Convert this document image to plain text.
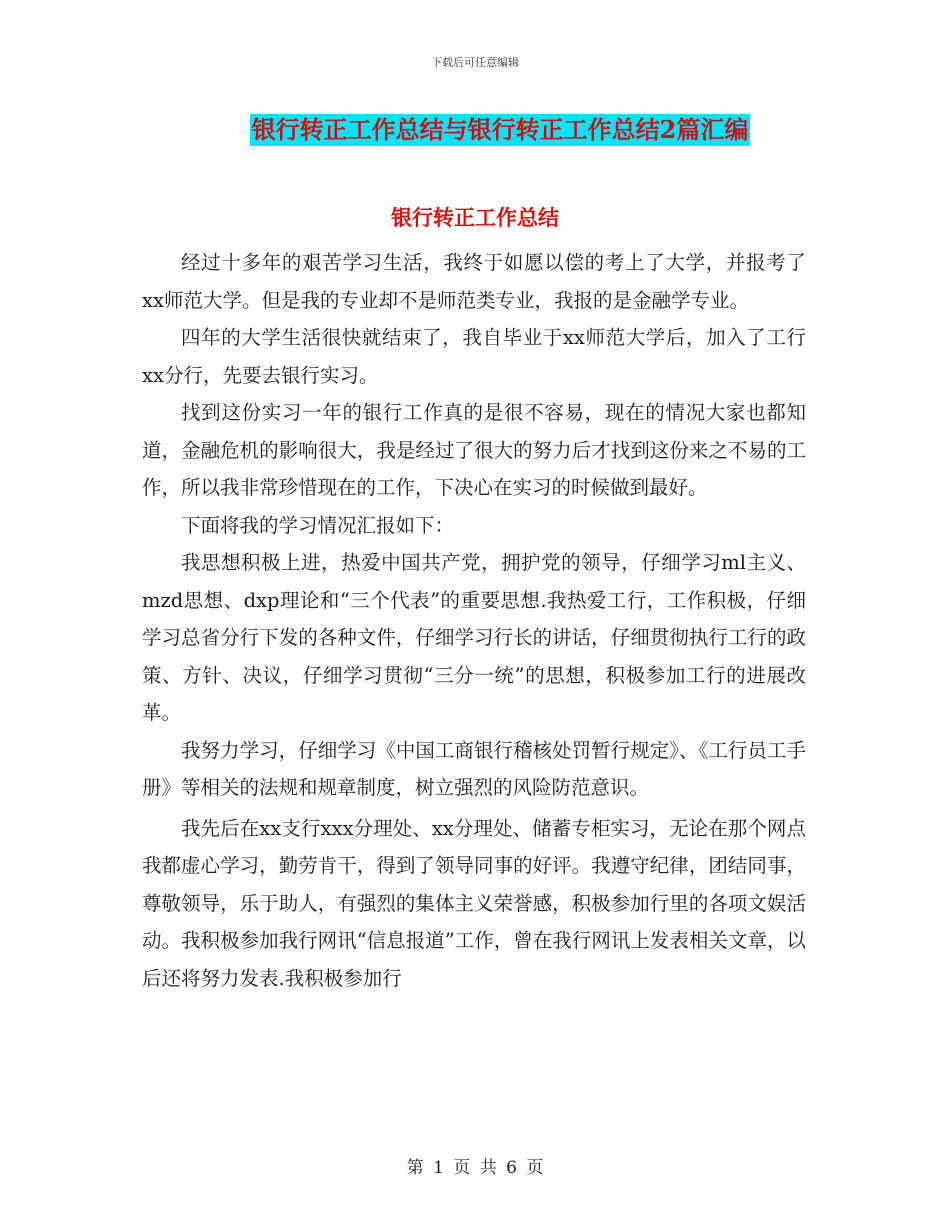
下载后可任意编辑
银行转正工作总结与银行转正工作总结2篇汇编
银行转正工作总结

经过十多年的艰苦学习生活，我终于如愿以偿的考上了大学，并报考了xx师范大学。但是我的专业却不是师范类专业，我报的是金融学专业。

四年的大学生活很快就结束了，我自毕业于xx师范大学后，加入了工行xx分行，先要去银行实习。

找到这份实习一年的银行工作真的是很不容易，现在的情况大家也都知道，金融危机的影响很大，我是经过了很大的努力后才找到这份来之不易的工作，所以我非常珍惜现在的工作，下决心在实习的时候做到最好。

下面将我的学习情况汇报如下：

我思想积极上进，热爱中国共产党，拥护党的领导，仔细学习ml主义、mzd思想、dxp理论和“三个代表”的重要思想.我热爱工行，工作积极，仔细学习总省分行下发的各种文件，仔细学习行长的讲话，仔细贯彻执行工行的政策、方针、决议，仔细学习贯彻“三分一统”的思想，积极参加工行的进展改革。

我努力学习，仔细学习《中国工商银行稽核处罚暂行规定》、《工行员工手册》等相关的法规和规章制度，树立强烈的风险防范意识。

我先后在xx支行xxx分理处、xx分理处、储蓄专柜实习，无论在那个网点我都虚心学习，勤劳肯干，得到了领导同事的好评。我遵守纪律，团结同事，尊敬领导，乐于助人，有强烈的集体主义荣誉感，积极参加行里的各项文娱活动。我积极参加我行网讯“信息报道”工作，曾在我行网讯上发表相关文章，以后还将努力发表.我积极参加行

第 1 页 共 6 页
